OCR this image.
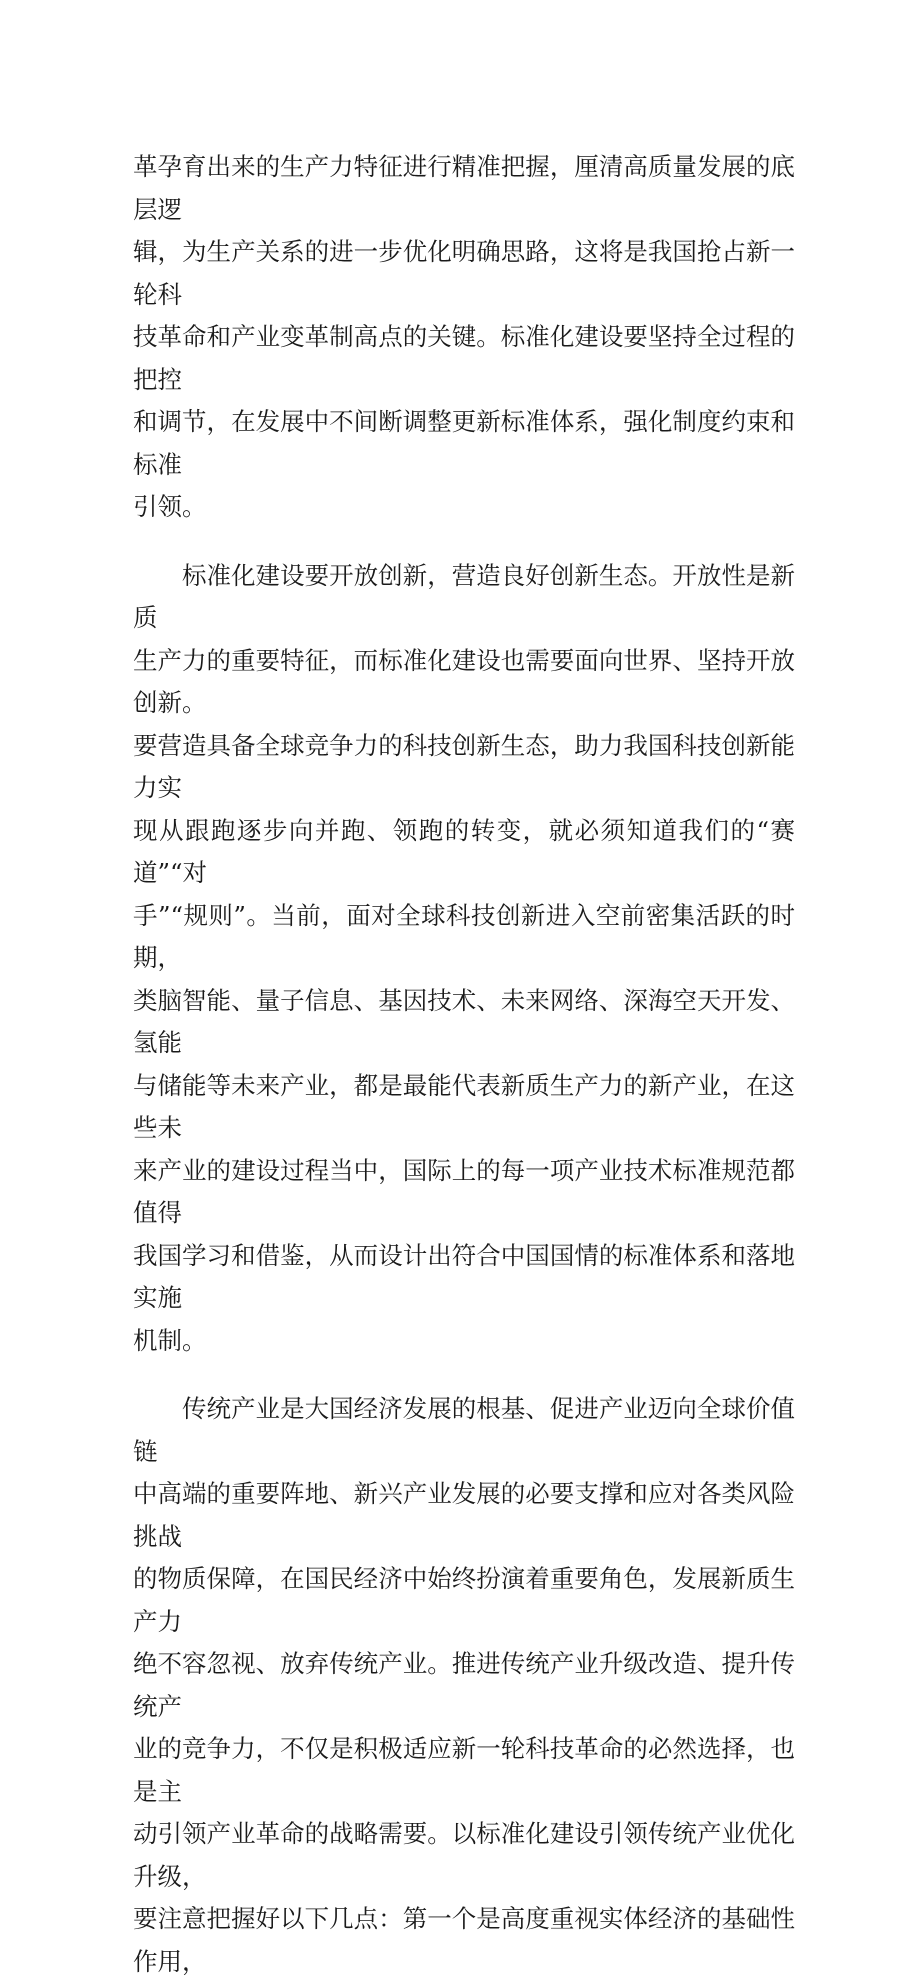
革孕育出来的生产力特征进行精准把握，厘清高质量发展的底层逻
辑，为生产关系的进一步优化明确思路，这将是我国抢占新一轮科
技革命和产业变革制高点的关键。标准化建设要坚持全过程的把控
和调节，在发展中不间断调整更新标准体系，强化制度约束和标准
引领。
标准化建设要开放创新，营造良好创新生态。开放性是新质
生产力的重要特征，而标准化建设也需要面向世界、坚持开放创新。
要营造具备全球竞争力的科技创新生态，助力我国科技创新能力实
现从跟跑逐步向并跑、领跑的转变，就必须知道我们的“赛道”“对
手”“规则”。当前，面对全球科技创新进入空前密集活跃的时期，
类脑智能、量子信息、基因技术、未来网络、深海空天开发、氢能
与储能等未来产业，都是最能代表新质生产力的新产业，在这些未
来产业的建设过程当中，国际上的每一项产业技术标准规范都值得
我国学习和借鉴，从而设计出符合中国国情的标准体系和落地实施
机制。
传统产业是大国经济发展的根基、促进产业迈向全球价值链
中高端的重要阵地、新兴产业发展的必要支撑和应对各类风险挑战
的物质保障，在国民经济中始终扮演着重要角色，发展新质生产力
绝不容忽视、放弃传统产业。推进传统产业升级改造、提升传统产
业的竞争力，不仅是积极适应新一轮科技革命的必然选择，也是主
动引领产业革命的战略需要。以标准化建设引领传统产业优化升级，
要注意把握好以下几点：第一个是高度重视实体经济的基础性作用，
